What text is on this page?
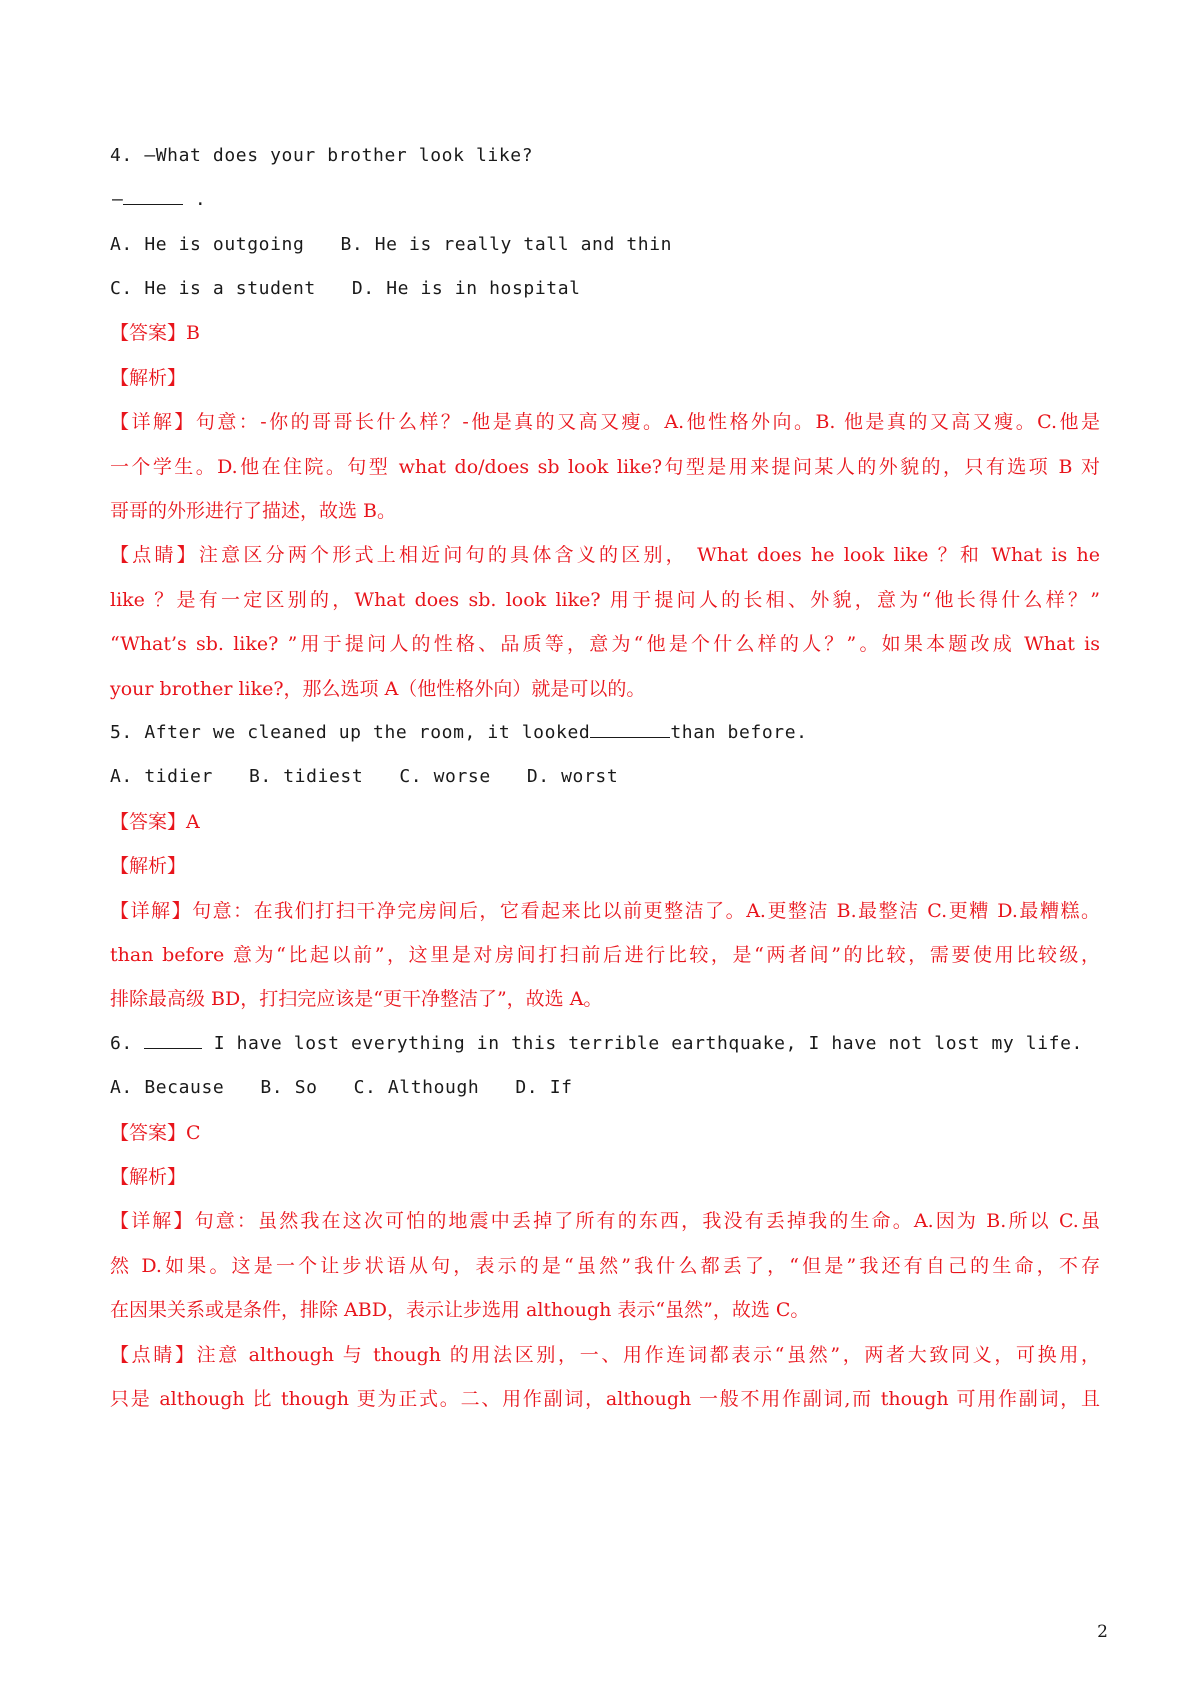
4. —What does your brother look like?
—	.
A. He is outgoing B. He is really tall and thin
C. He is a student D. He is in hospital
【答案】B
【解析】
【详解】句意：-你的哥哥长什么样？-他是真的又高又瘦。A.他性格外向。B. 他是真的又高又瘦。C.他是
一个学生。D.他在住院。句型 what do/does sb look like?句型是用来提问某人的外貌的，只有选项 B 对
哥哥的外形进行了描述，故选 B。
【点睛】注意区分两个形式上相近问句的具体含义的区别， What does he look like ？和 What is he
like ？是有一定区别的，What does sb. look like? 用于提问人的长相、外貌，意为“他长得什么样？”
“What’s sb. like? ”用于提问人的性格、品质等，意为“他是个什么样的人？”。如果本题改成 What is
your brother like?，那么选项 A（他性格外向）就是可以的。
5. After we cleaned up the room, it looked	than before.
A. tidier B. tidiest C. worse D. worst
【答案】A
【解析】
【详解】句意：在我们打扫干净完房间后，它看起来比以前更整洁了。A.更整洁 B.最整洁 C.更糟 D.最糟糕。
than before 意为“比起以前”，这里是对房间打扫前后进行比较，是“两者间”的比较，需要使用比较级，
排除最高级 BD，打扫完应该是“更干净整洁了”，故选 A。
6.	I have lost everything in this terrible earthquake, I have not lost my life.
A. Because B. So C. Although D. If
【答案】C
【解析】
【详解】句意：虽然我在这次可怕的地震中丢掉了所有的东西，我没有丢掉我的生命。A.因为 B.所以 C.虽
然 D.如果。这是一个让步状语从句，表示的是“虽然”我什么都丢了，“但是”我还有自己的生命，不存
在因果关系或是条件，排除 ABD，表示让步选用 although 表示“虽然”，故选 C。
【点睛】注意 although 与 though 的用法区别，一、用作连词都表示“虽然”，两者大致同义，可换用，
只是 although 比 though 更为正式。二、用作副词，although 一般不用作副词,而 though 可用作副词，且
2
